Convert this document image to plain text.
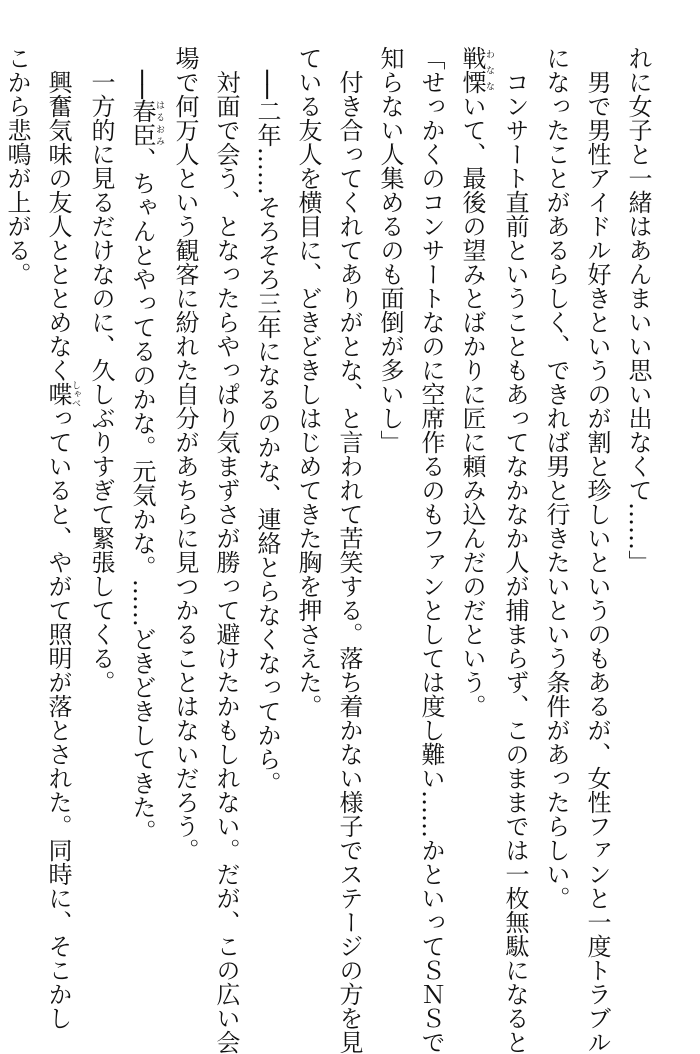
れに女子と一緒はあんまいい思い出なくて……」
　男で男性アイドル好きというのが割と珍しいというのもあるが、女性ファンと一度トラブル
になったことがあるらしく、できれば男と行きたいという条件があったらしい。
　コンサート直前ということもあってなかなか人が捕まらず、このままでは一枚無駄になると
戦慄わなないて、最後の望みとばかりに匠に頼み込んだのだという。
「せっかくのコンサートなのに空席作るのもファンとしては度し難い……かといってＳＮＳで
知らない人集めるのも面倒が多いし」
　付き合ってくれてありがとな、と言われて苦笑する。落ち着かない様子でステージの方を見
ている友人を横目に、どきどきしはじめてきた胸を押さえた。
　──二年……そろそろ三年になるのかな、連絡とらなくなってから。
　対面で会う、となったらやっぱり気まずさが勝って避けたかもしれない。だが、この広い会
場で何万人という観客に紛れた自分があちらに見つかることはないだろう。
　──春臣はるおみ、ちゃんとやってるのかな。元気かな。……どきどきしてきた。
　一方的に見るだけなのに、久しぶりすぎて緊張してくる。
　興奮気味の友人とととめなく喋しゃべっていると、やがて照明が落とされた。同時に、そこかし
こから悲鳴が上がる。
